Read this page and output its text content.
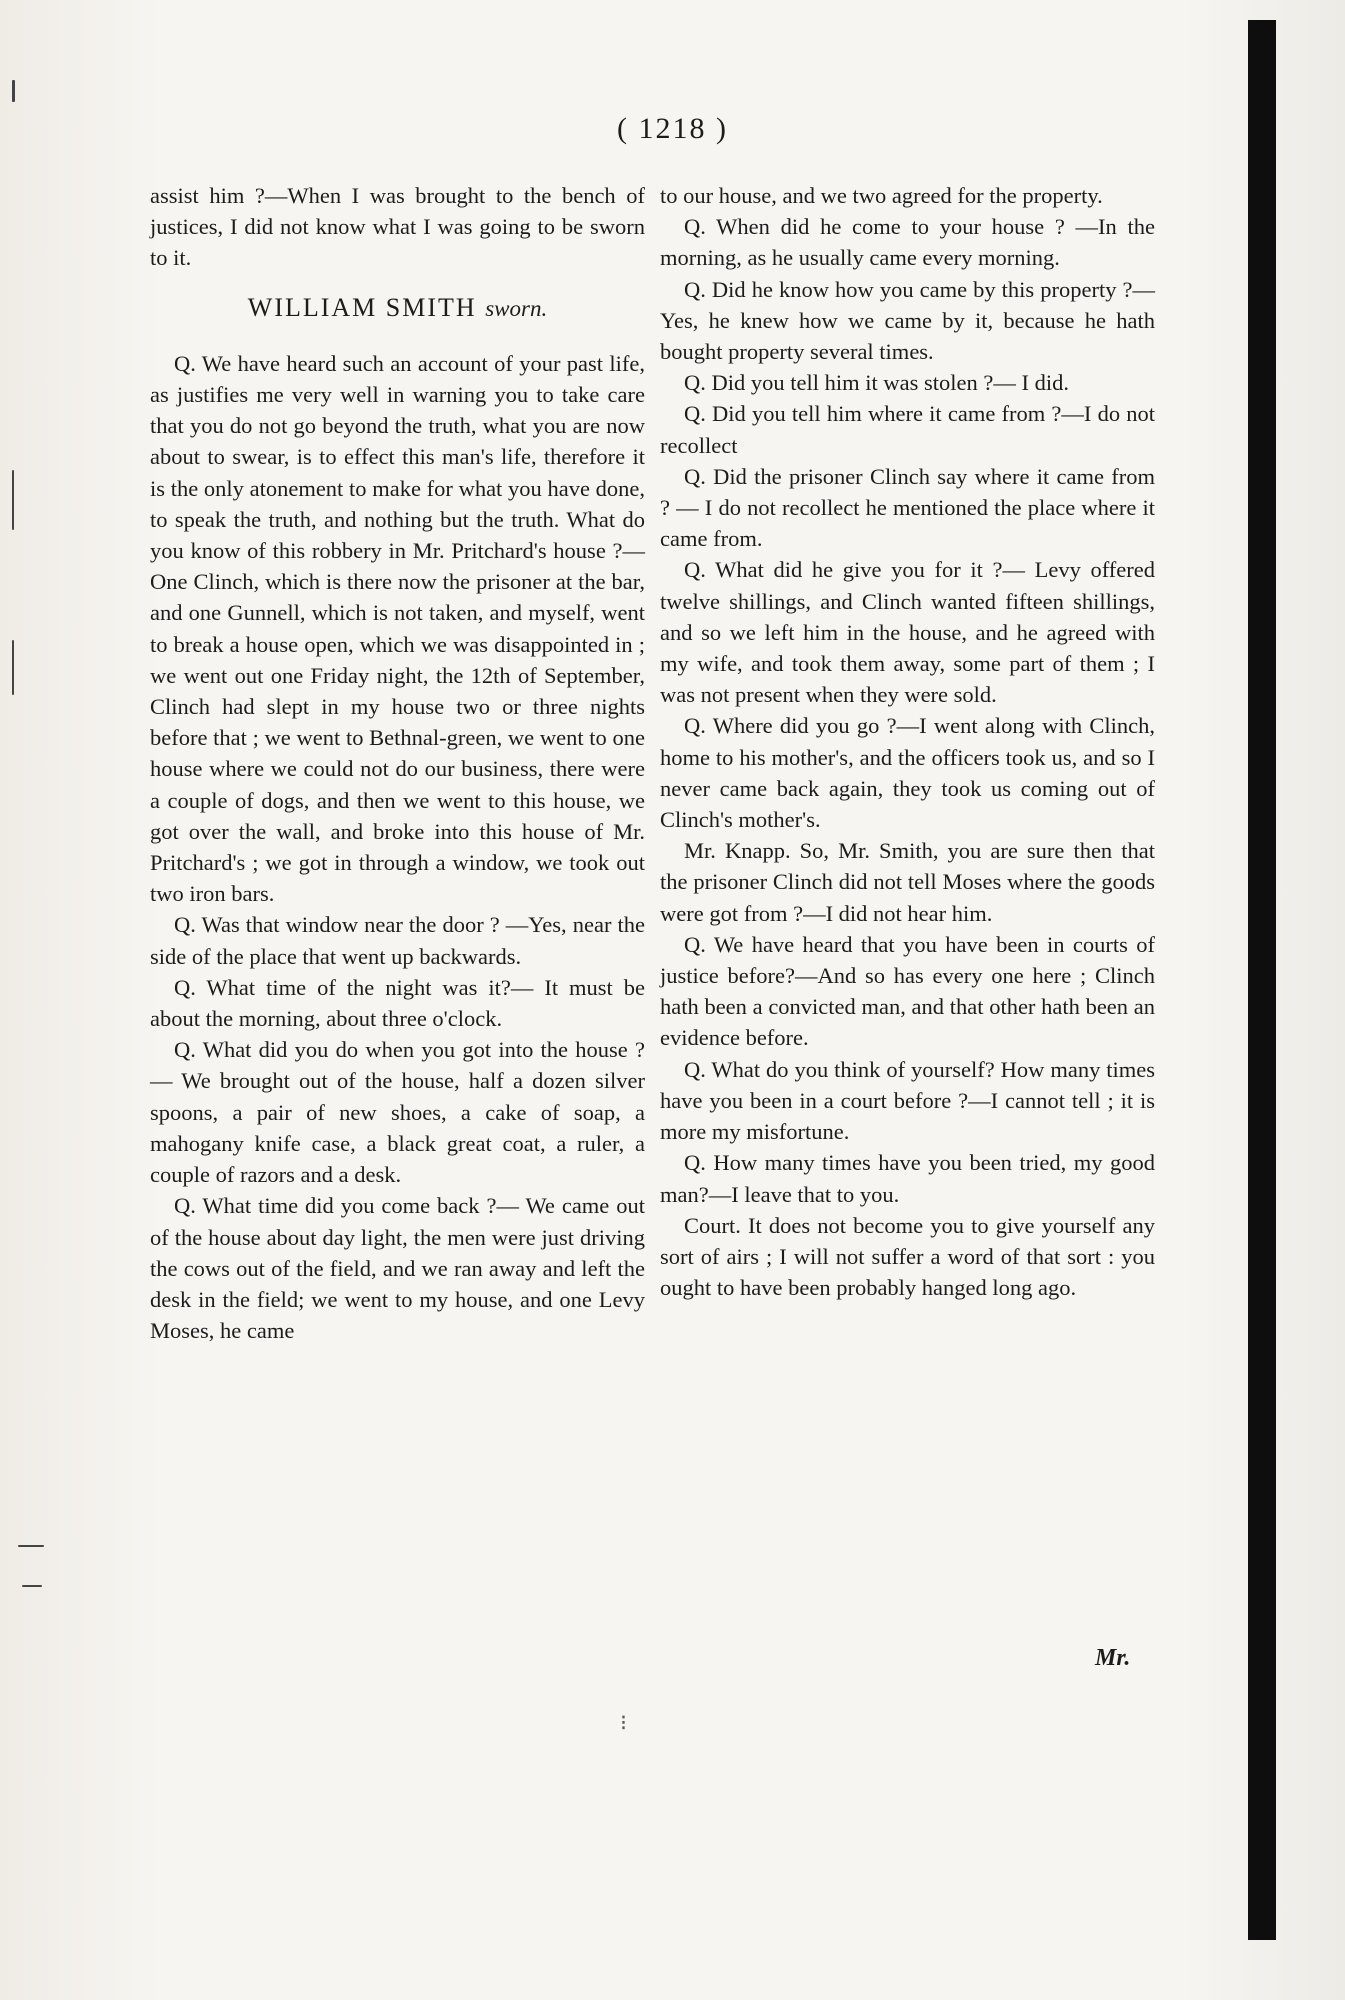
( 1218 )

assist him ?—When I was brought to the bench of justices, I did not know what I was going to be sworn to it.

WILLIAM SMITH sworn.

Q. We have heard such an account of your past life, as justifies me very well in warning you to take care that you do not go beyond the truth, what you are now about to swear, is to effect this man's life, therefore it is the only atonement to make for what you have done, to speak the truth, and nothing but the truth. What do you know of this robbery in Mr. Pritchard's house ?— One Clinch, which is there now the prisoner at the bar, and one Gunnell, which is not taken, and myself, went to break a house open, which we was disappointed in ; we went out one Friday night, the 12th of September, Clinch had slept in my house two or three nights before that ; we went to Bethnal-green, we went to one house where we could not do our business, there were a couple of dogs, and then we went to this house, we got over the wall, and broke into this house of Mr. Pritchard's ; we got in through a window, we took out two iron bars.

Q. Was that window near the door ? —Yes, near the side of the place that went up backwards.

Q. What time of the night was it?— It must be about the morning, about three o'clock.

Q. What did you do when you got into the house ?— We brought out of the house, half a dozen silver spoons, a pair of new shoes, a cake of soap, a mahogany knife case, a black great coat, a ruler, a couple of razors and a desk.

Q. What time did you come back ?— We came out of the house about day light, the men were just driving the cows out of the field, and we ran away and left the desk in the field; we went to my house, and one Levy Moses, he came

to our house, and we two agreed for the property.

Q. When did he come to your house ? —In the morning, as he usually came every morning.

Q. Did he know how you came by this property ?— Yes, he knew how we came by it, because he hath bought property several times.

Q. Did you tell him it was stolen ?— I did.

Q. Did you tell him where it came from ?—I do not recollect

Q. Did the prisoner Clinch say where it came from ? — I do not recollect he mentioned the place where it came from.

Q. What did he give you for it ?— Levy offered twelve shillings, and Clinch wanted fifteen shillings, and so we left him in the house, and he agreed with my wife, and took them away, some part of them ; I was not present when they were sold.

Q. Where did you go ?—I went along with Clinch, home to his mother's, and the officers took us, and so I never came back again, they took us coming out of Clinch's mother's.

Mr. Knapp. So, Mr. Smith, you are sure then that the prisoner Clinch did not tell Moses where the goods were got from ?—I did not hear him.

Q. We have heard that you have been in courts of justice before?—And so has every one here ; Clinch hath been a convicted man, and that other hath been an evidence before.

Q. What do you think of yourself? How many times have you been in a court before ?—I cannot tell ; it is more my misfortune.

Q. How many times have you been tried, my good man?—I leave that to you.

Court. It does not become you to give yourself any sort of airs ; I will not suffer a word of that sort : you ought to have been probably hanged long ago.

Mr.
⁝
